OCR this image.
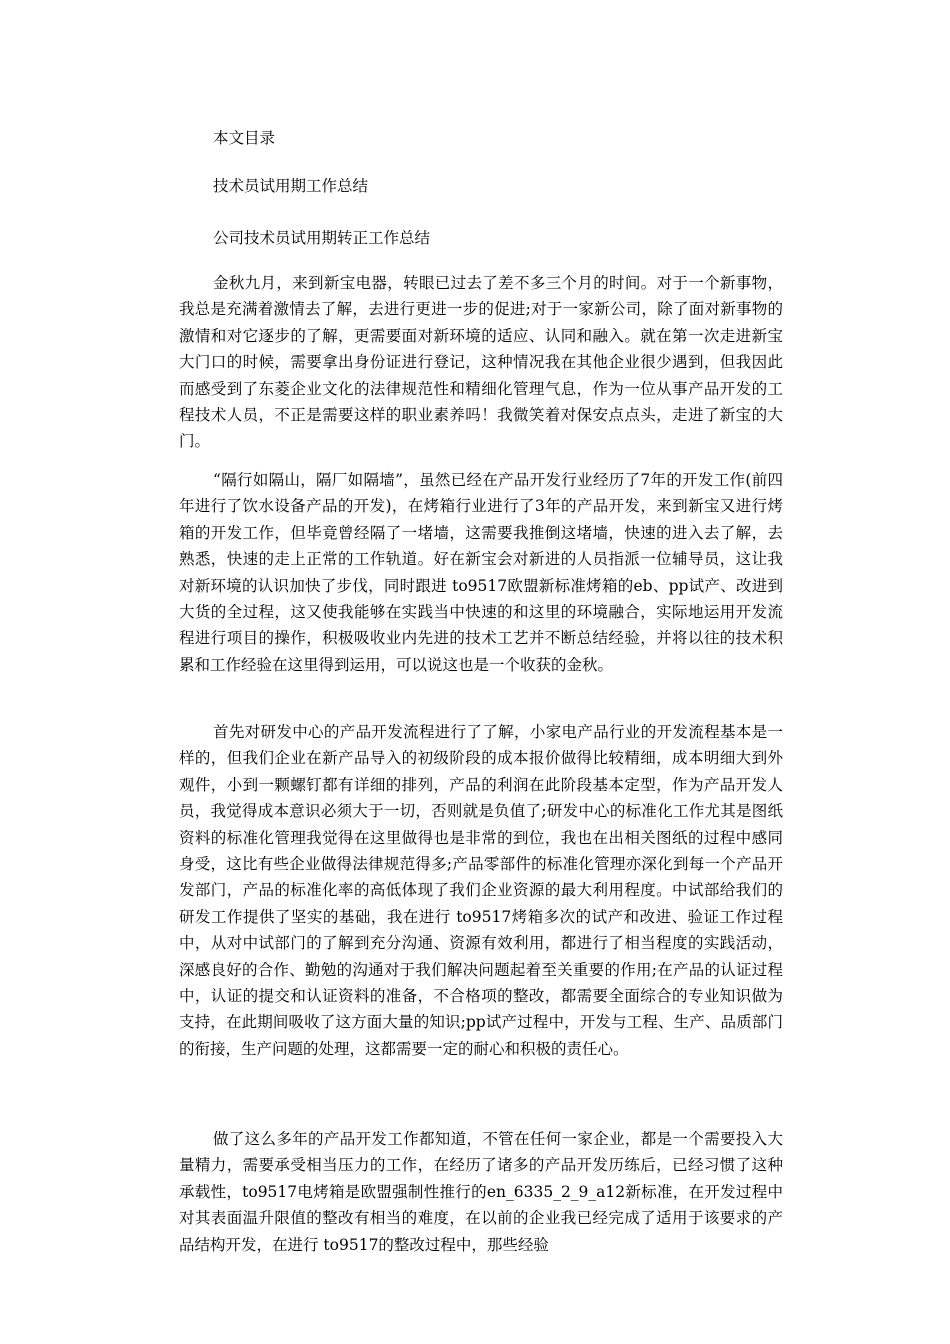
本文目录

技术员试用期工作总结

公司技术员试用期转正工作总结

金秋九月，来到新宝电器，转眼已过去了差不多三个月的时间。对于一个新事物，我总是充满着激情去了解，去进行更进一步的促进;对于一家新公司，除了面对新事物的激情和对它逐步的了解，更需要面对新环境的适应、认同和融入。就在第一次走进新宝大门口的时候，需要拿出身份证进行登记，这种情况我在其他企业很少遇到，但我因此而感受到了东菱企业文化的法律规范性和精细化管理气息，作为一位从事产品开发的工程技术人员，不正是需要这样的职业素养吗！我微笑着对保安点点头，走进了新宝的大门。

“隔行如隔山，隔厂如隔墙”，虽然已经在产品开发行业经历了7年的开发工作(前四年进行了饮水设备产品的开发)，在烤箱行业进行了3年的产品开发，来到新宝又进行烤箱的开发工作，但毕竟曾经隔了一堵墙，这需要我推倒这堵墙，快速的进入去了解，去熟悉，快速的走上正常的工作轨道。好在新宝会对新进的人员指派一位辅导员，这让我对新环境的认识加快了步伐，同时跟进 to9517欧盟新标准烤箱的eb、pp试产、改进到大货的全过程，这又使我能够在实践当中快速的和这里的环境融合，实际地运用开发流程进行项目的操作，积极吸收业内先进的技术工艺并不断总结经验，并将以往的技术积累和工作经验在这里得到运用，可以说这也是一个收获的金秋。

首先对研发中心的产品开发流程进行了了解，小家电产品行业的开发流程基本是一样的，但我们企业在新产品导入的初级阶段的成本报价做得比较精细，成本明细大到外观件，小到一颗螺钉都有详细的排列，产品的利润在此阶段基本定型，作为产品开发人员，我觉得成本意识必须大于一切，否则就是负值了;研发中心的标准化工作尤其是图纸资料的标准化管理我觉得在这里做得也是非常的到位，我也在出相关图纸的过程中感同身受，这比有些企业做得法律规范得多;产品零部件的标准化管理亦深化到每一个产品开发部门，产品的标准化率的高低体现了我们企业资源的最大利用程度。中试部给我们的研发工作提供了坚实的基础，我在进行 to9517烤箱多次的试产和改进、验证工作过程中，从对中试部门的了解到充分沟通、资源有效利用，都进行了相当程度的实践活动，深感良好的合作、勤勉的沟通对于我们解决问题起着至关重要的作用;在产品的认证过程中，认证的提交和认证资料的准备，不合格项的整改，都需要全面综合的专业知识做为支持，在此期间吸收了这方面大量的知识;pp试产过程中，开发与工程、生产、品质部门的衔接，生产问题的处理，这都需要一定的耐心和积极的责任心。

做了这么多年的产品开发工作都知道，不管在任何一家企业，都是一个需要投入大量精力，需要承受相当压力的工作，在经历了诸多的产品开发历练后，已经习惯了这种承载性，to9517电烤箱是欧盟强制性推行的en_6335_2_9_a12新标准，在开发过程中对其表面温升限值的整改有相当的难度，在以前的企业我已经完成了适用于该要求的产品结构开发，在进行 to9517的整改过程中，那些经验
